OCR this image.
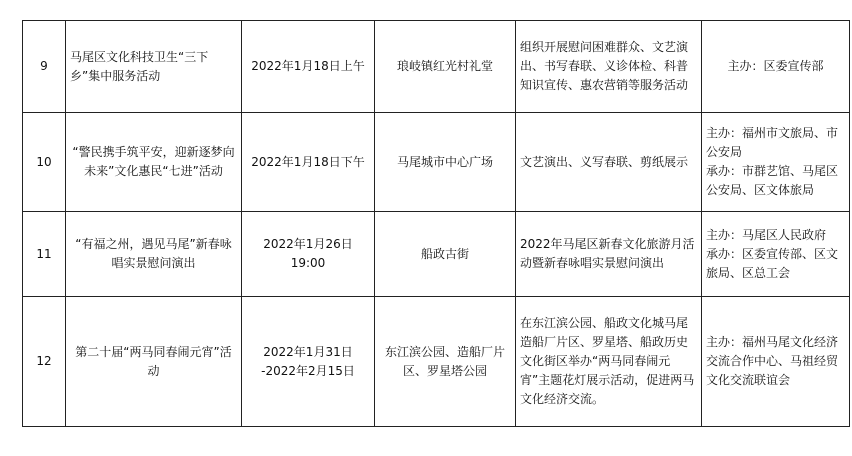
9	马尾区文化科技卫生“三下乡”集中服务活动	2022年1月18日上午	琅岐镇红光村礼堂	组织开展慰问困难群众、文艺演出、书写春联、义诊体检、科普知识宣传、惠农营销等服务活动	主办：区委宣传部
10	“警民携手筑平安，迎新逐梦向未来”文化惠民“七进”活动	2022年1月18日下午	马尾城市中心广场	文艺演出、义写春联、剪纸展示	主办：福州市文旅局、市公安局
承办：市群艺馆、马尾区公安局、区文体旅局
11	“有福之州，遇见马尾”新春咏唱实景慰问演出	2022年1月26日
19:00	船政古街	2022年马尾区新春文化旅游月活动暨新春咏唱实景慰问演出	主办：马尾区人民政府
承办：区委宣传部、区文旅局、区总工会
12	第二十届“两马同春闹元宵”活动	2022年1月31日
-2022年2月15日	东江滨公园、造船厂片区、罗星塔公园	在东江滨公园、船政文化城马尾造船厂片区、罗星塔、船政历史文化街区举办“两马同春闹元宵”主题花灯展示活动，促进两马文化经济交流。	主办：福州马尾文化经济交流合作中心、马祖经贸文化交流联谊会
